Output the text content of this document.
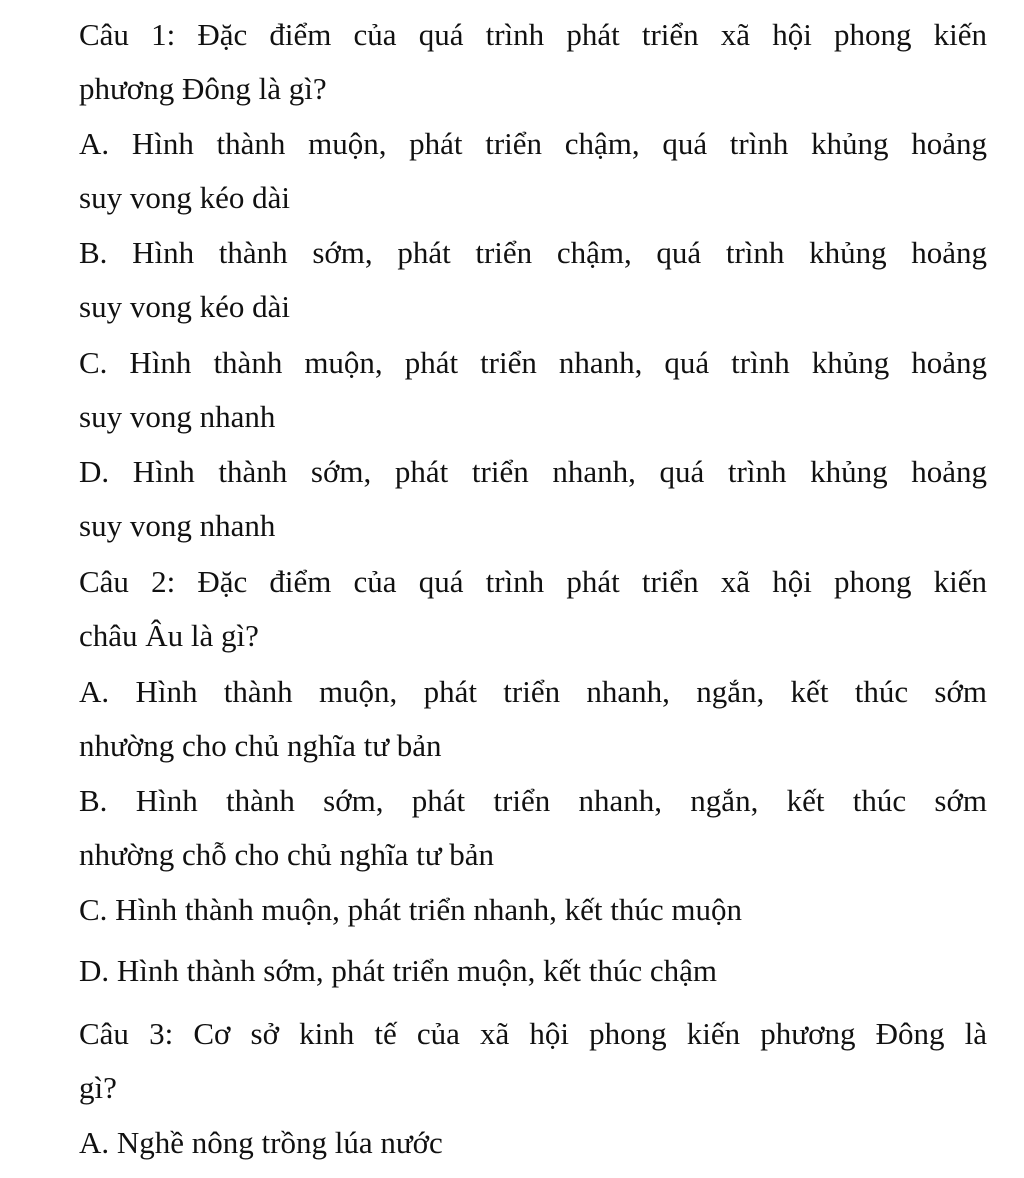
Câu 1: Đặc điểm của quá trình phát triển xã hội phong kiến
phương Đông là gì?

A. Hình thành muộn, phát triển chậm, quá trình khủng hoảng
suy vong kéo dài

B. Hình thành sớm, phát triển chậm, quá trình khủng hoảng
suy vong kéo dài

C. Hình thành muộn, phát triển nhanh, quá trình khủng hoảng
suy vong nhanh

D. Hình thành sớm, phát triển nhanh, quá trình khủng hoảng
suy vong nhanh

Câu 2: Đặc điểm của quá trình phát triển xã hội phong kiến
châu Âu là gì?

A. Hình thành muộn, phát triển nhanh, ngắn, kết thúc sớm
nhường cho chủ nghĩa tư bản

B. Hình thành sớm, phát triển nhanh, ngắn, kết thúc sớm
nhường chỗ cho chủ nghĩa tư bản

C. Hình thành muộn, phát triển nhanh, kết thúc muộn

D. Hình thành sớm, phát triển muộn, kết thúc chậm

Câu 3: Cơ sở kinh tế của xã hội phong kiến phương Đông là
gì?

A. Nghề nông trồng lúa nước
